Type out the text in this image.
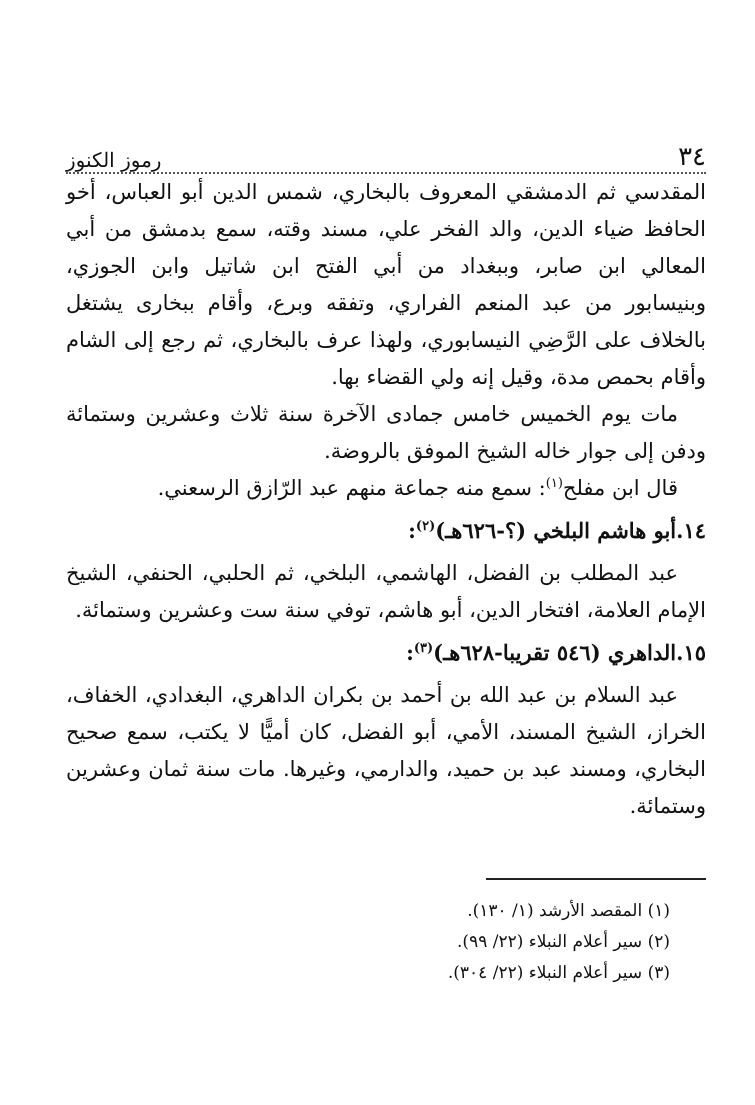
٣٤
رموز الكنوز

المقدسي ثم الدمشقي المعروف بالبخاري، شمس الدين أبو العباس، أخو الحافظ ضياء الدين، والد الفخر علي، مسند وقته، سمع بدمشق من أبي المعالي ابن صابر، وببغداد من أبي الفتح ابن شاتيل وابن الجوزي، وبنيسابور من عبد المنعم الفراري، وتفقه وبرع، وأقام ببخارى يشتغل بالخلاف على الرَّضِي النيسابوري، ولهذا عرف بالبخاري، ثم رجع إلى الشام وأقام بحمص مدة، وقيل إنه ولي القضاء بها.

مات يوم الخميس خامس جمادى الآخرة سنة ثلاث وعشرين وستمائة ودفن إلى جوار خاله الشيخ الموفق بالروضة.

قال ابن مفلح$^{(١)}$: سمع منه جماعة منهم عبد الرّازق الرسعني.

١٤.أبو هاشم البلخي (؟-٦٢٦هـ)$^{(٢)}$:

عبد المطلب بن الفضل، الهاشمي، البلخي، ثم الحلبي، الحنفي، الشيخ الإمام العلامة، افتخار الدين، أبو هاشم، توفي سنة ست وعشرين وستمائة.

١٥.الداهري (٥٤٦ تقريبا-٦٢٨هـ)$^{(٣)}$:

عبد السلام بن عبد الله بن أحمد بن بكران الداهري، البغدادي، الخفاف، الخراز، الشيخ المسند، الأمي، أبو الفضل، كان أميًّا لا يكتب، سمع صحيح البخاري، ومسند عبد بن حميد، والدارمي، وغيرها. مات سنة ثمان وعشرين وستمائة.

(١) المقصد الأرشد (١/ ١٣٠).

(٢) سير أعلام النبلاء (٢٢/ ٩٩).

(٣) سير أعلام النبلاء (٢٢/ ٣٠٤).
